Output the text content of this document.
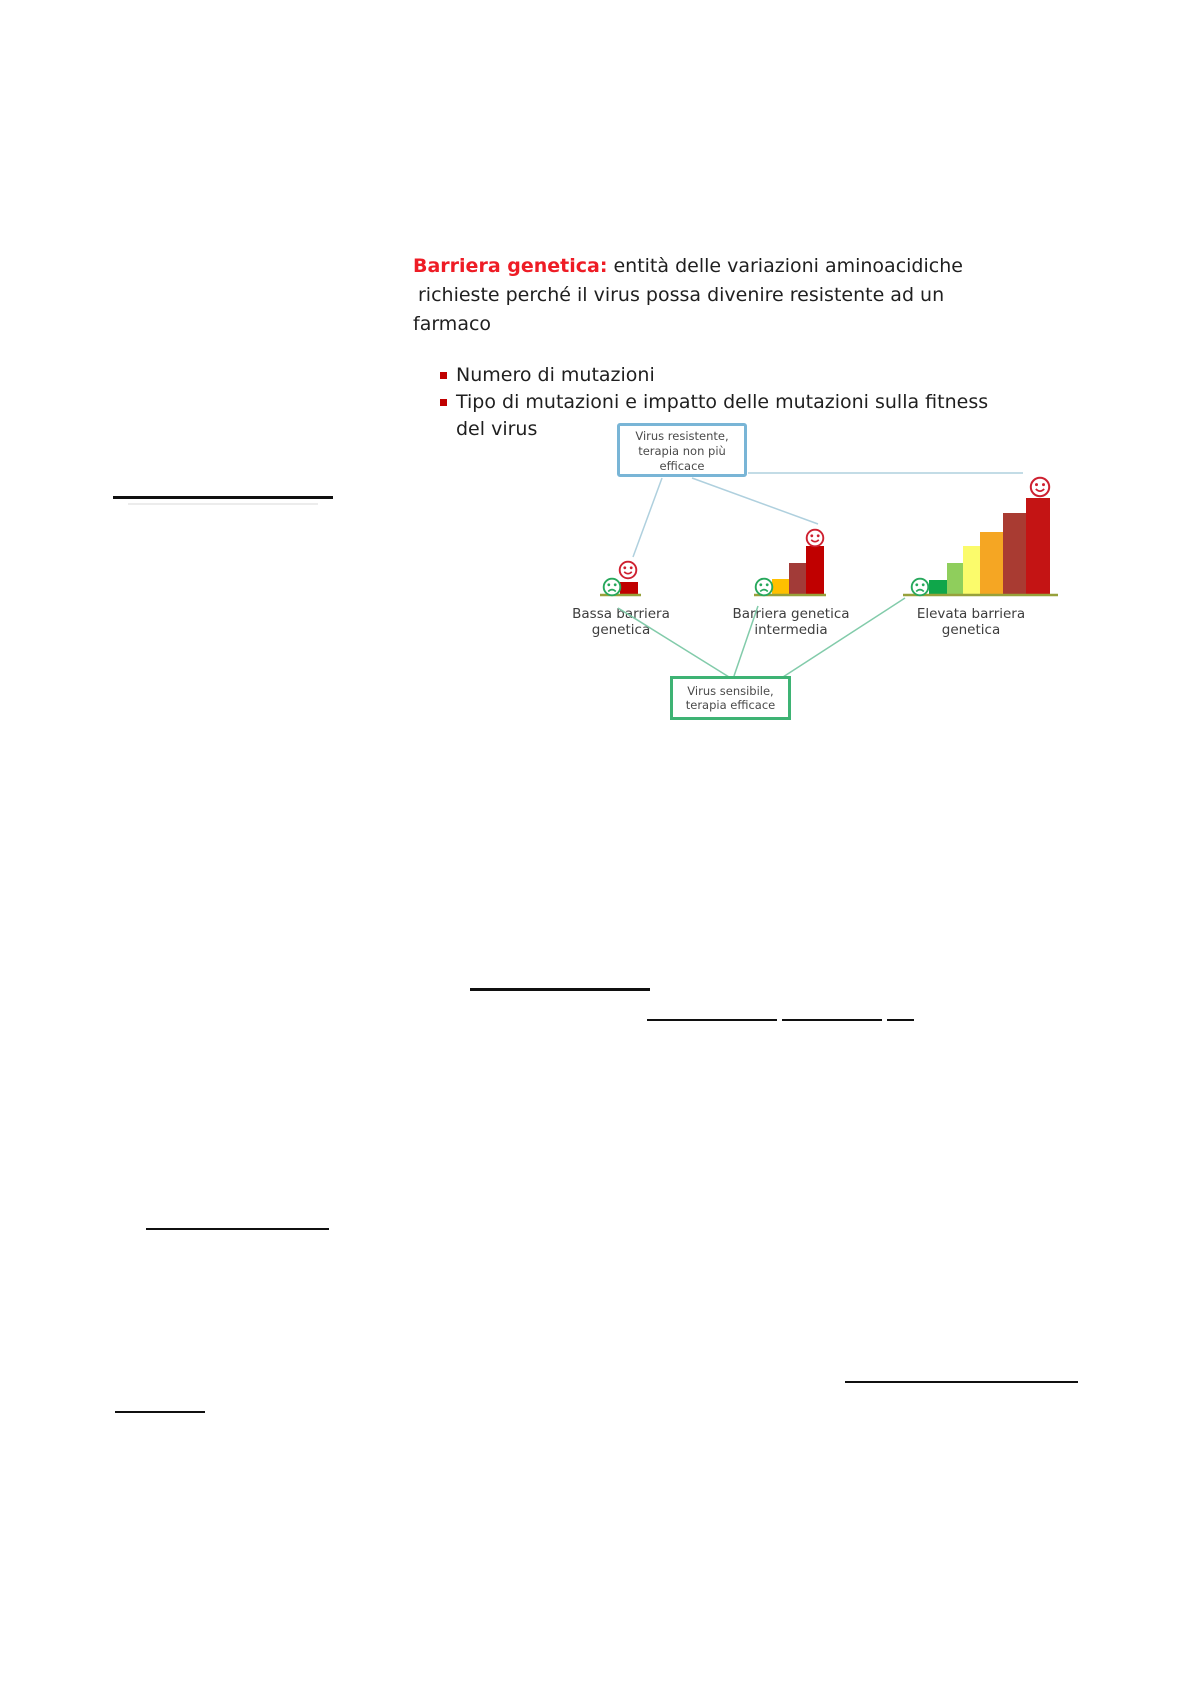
Barriera genetica: entità delle variazioni aminoacidiche
richieste perché il virus possa divenire resistente ad un
farmaco
Numero di mutazioni
Tipo di mutazioni e impatto delle mutazioni sulla fitness
del virus	Virus resistente,
terapia non più
efficace
Virus sensibile,
terapia efficace
Bassa barriera
genetica
Barriera genetica
intermedia
Elevata barriera
genetica
